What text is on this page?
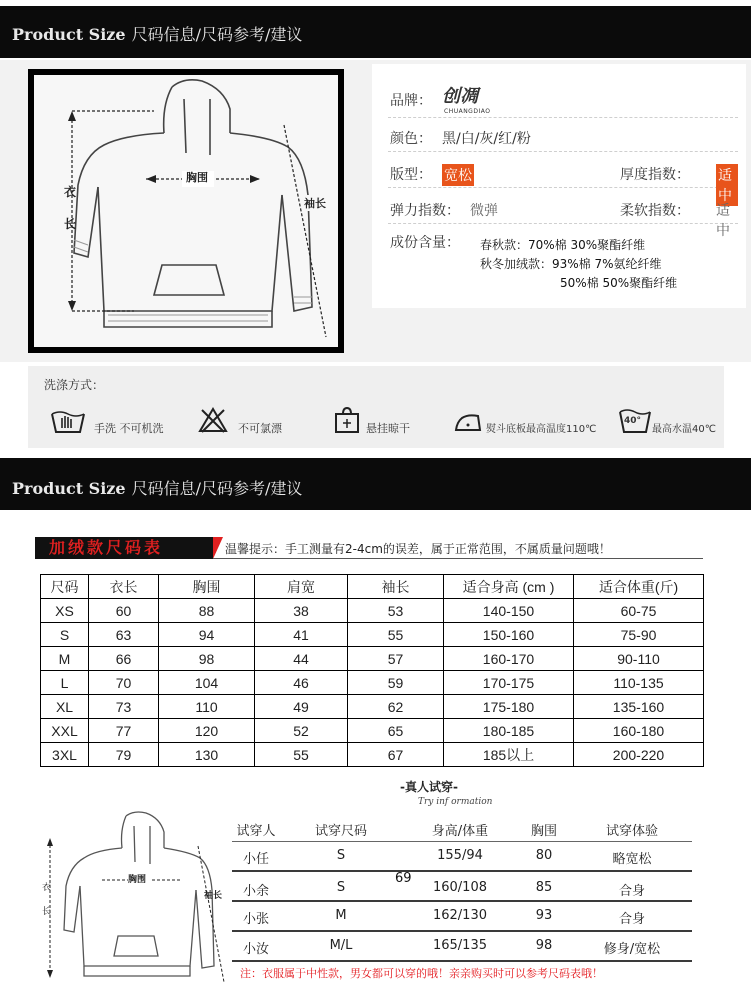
Product Size 尺码信息/尺码参考/建议
胸围
衣
长
袖长
品牌： 创凋
CHUANGDIAO
颜色： 黑/白/灰/红/粉
版型： 宽松	厚度指数： 适中
弹力指数： 微弹	柔软指数： 适中
成份含量： 春秋款：70%棉 30%聚酯纤维
秋冬加绒款：93%棉 7%氨纶纤维
50%棉 50%聚酯纤维
洗涤方式：
手洗 不可机洗	不可氯漂	悬挂晾干	熨斗底板最高温度110℃
40°
最高水温40℃
Product Size 尺码信息/尺码参考/建议
加绒款尺码表	温馨提示：手工测量有2-4cm的误差，属于正常范围，不属质量问题哦！
尺码	衣长	胸围	肩宽	袖长	适合身高 (cm )	适合体重(斤)
XS	60	88	38	53	140-150	60-75
S	63	94	41	55	150-160	75-90
M	66	98	44	57	160-170	90-110
L	70	104	46	59	170-175	110-135
XL	73	110	49	62	175-180	135-160
XXL	77	120	52	65	180-185	160-180
3XL	79	130	55	67	185以上	200-220
胸围
衣
长
袖长
-真人试穿-
Try inf ormation
试穿人	试穿尺码	身高/体重	胸围	试穿体验
小任	S	155/94	80	略宽松
小余	S	160/108	85	合身
小张	M	162/130	93	合身
小汝	M/L	165/135	98	修身/宽松
69
注：衣服属于中性款，男女都可以穿的哦！亲亲购买时可以参考尺码表哦！
